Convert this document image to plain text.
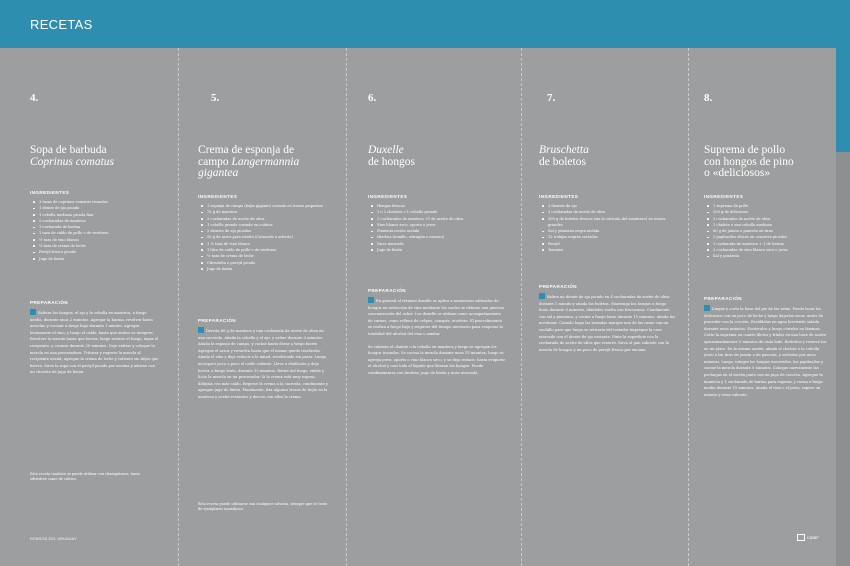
RECETAS
4.
Sopa de barbuda
Coprinus comatus
INGREDIENTES
3 tazas de coprinus comatus trozados
1 diente de ajo picado
1 cebolla mediana picada fina
2 cucharadas de manteca
1 cucharada de harina
1 taza de caldo de pollo o de verduras
½ taza de vino blanco
½ taza de crema de leche
Perejil fresco picado
Jugo de limón
PREPARACIÓN
Saltear los hongos, el ajo y la cebolla en manteca, a fuego medio, durante unos 2 minutos. Agregar la harina, revolver hasta mezclar, y cocinar a fuego bajo durante 1 minuto. Agregar lentamente el vino, y luego el caldo, hasta que ambos se integren. Revolver la mezcla hasta que hierva, luego reducir el fuego, tapar el recipiente, y cocinar durante 20 minutos. Deje enfriar y coloque la mezcla en una procesadora. Triturar y regrese la mezcla al recipiente inicial; agregue la crema de leche y caliente sin dejar que hierva. Sirva la sopa con el perejil picado por encima y adorne con un chorrito de jugo de limón.
Esta receta también se puede utilizar con champiñones, tanto silvestres como de cultivo.
5.
Crema de esponja de
campo Langermannia
gigantea
INGREDIENTES
1 esponja de campo (bejín gigante) cortada en trozos pequeños
75 g de manteca
2 cucharadas de aceite de oliva
1 cebolla grande cortada en cubitos
2 dientes de ajo picados
50 g de arroz para risotto (Carnaroli o arborio)
1 ¼ taza de vino blanco
1 litro de caldo de pollo o de verduras
½ taza de crema de leche
Cibouletta o perejil picado
Jugo de limón
PREPARACIÓN
Derrita 60 g de manteca y una cucharada de aceite de oliva en una cacerola. Añada la cebolla y el ajo, y saltee durante 3 minutos. Añada la esponja de campo, y cocine hasta dorar a fuego fuerte. Agregue el arroz y revuelva hasta que el mismo quede traslúcido. Añada el vino y deje reducir a la mitad, revolviendo sin parar. Luego, incorpore poco a poco el caldo caliente. Lleve a ebullición y deje hervir, a fuego lento, durante 15 minutos. Retire del fuego, enfríe y licúe la mezcla en un procesador. Si la crema está muy espesa, dilúyala con más caldo. Regrese la crema a la cacerola, condimente y agregue jugo de limón. Finalmente, fría algunos trozos de bejín en la manteca y aceite restantes y decore con ellos la crema.
Esta receta puede utilizarse con cualquier calvatia, siempre que se trate de ejemplares inmaduros.
6.
Duxelle
de hongos
INGREDIENTES
Hongos frescos
1 o 2 chalotes o 1 cebolla grande
2 cucharadas de manteca +1 de aceite de oliva
Vino blanco seco, oporto o jerez
Pimienta recién molida
Hierbas (tomillo, estragón o romero)
Nuez moscada
Jugo de limón
PREPARACIÓN
En general el término duxelle se aplica a numerosos salteados de hongos en reducción de vino mediante los cuales se obtiene una gustosa concentración del sabor. Los duxelle se utilizan como acompañamiento de carnes, como relleno de crêpes, canapés, etcétera. El procedimiento se realiza a fuego bajo y requiere del tiempo necesario para evaporar la totalidad del alcohol del vino o similar.
Se calienta el chalote o la cebolla en manteca y luego se agregan los hongos trozados. Se cocina la mezcla durante unos 15 minutos, luego se agrega jerez, oporto o vino blanco seco, y se deja reducir, hasta evaporar el alcohol y casi todo el líquido que liberan los hongos. Puede condimentarse con hierbas, jugo de limón y nuez moscada.
7.
Bruschetta
de boletos
INGREDIENTES
2 dientes de ajo
3 cucharadas de aceite de oliva
300 g de boletus frescos (sin la cutícula del sombrero) en trozos grandes
Sal y pimienta negra molida
12 rodajas negras cortadas
Perejil
Tomates
PREPARACIÓN
Saltee un diente de ajo picado en 4 cucharadas de aceite de oliva durante 1 minuto y añada los boletus. Mantenga los hongos a fuego lento durante 5 minutos, dándoles vuelta con frecuencia. Condimente con sal y pimienta, y cocine a fuego lento durante 15 minutos. Añada las aceitunas. Cuando haga las tostadas marque una de las caras con un cuchillo para que luego se retiraría del tostador impregne la cara marcada con el diente de ajo restante. Pinte la superficie con la cucharada de aceite de oliva que reservó. Sirva al pan caliente con la mezcla de hongos y un poco de perejil fresco por encima.
8.
Suprema de pollo
con hongos de pino
o «deliciosos»
INGREDIENTES
1 suprema de pollo
200 g de deliciosos
3 cucharadas de aceite de oliva
1 chalote o una cebolla mediana
60 g de jamón o panceta en tiras
2 papitas/los chicos en conserva picados
1 cucharada de manteca + 1 de harina
2 cucharadas de vino blanco seco o jerez
Sal y pimienta
PREPARACIÓN
Limpie y corte la base del pie de las setas. Puede lavar los deliciosos con un poco de leche y luego dejarlos secar, antes de proceder con la cocción. Escáldelos en agua hirviendo salada durante unos minutos. Escúrralos y luego córtelos en láminas. Corte la suprema en cuatro filetes y fríalos en una base de aceite aproximadamente 5 minutos de cada lado. Retírelos y reserve los en un plato. En la misma sartén, añada el chalote o la cebolla junto a las tiras de jamón o de panceta, y sofríalos por unos minutos. Luego, integre los hongos escurridos, los papitas/los y cocine la mezcla durante 5 minutos. Coloque nuevamente las pechugas en el sartén junto con un jugo de cocción. Agregue la manteca y 1 cucharada de harina para espesar, y cueza a fuego medio durante 10 minutos. Añada el vino o el jerez, espere un minuto y sirva caliente.
HONGOS DEL URUGUAY	CIBBF
